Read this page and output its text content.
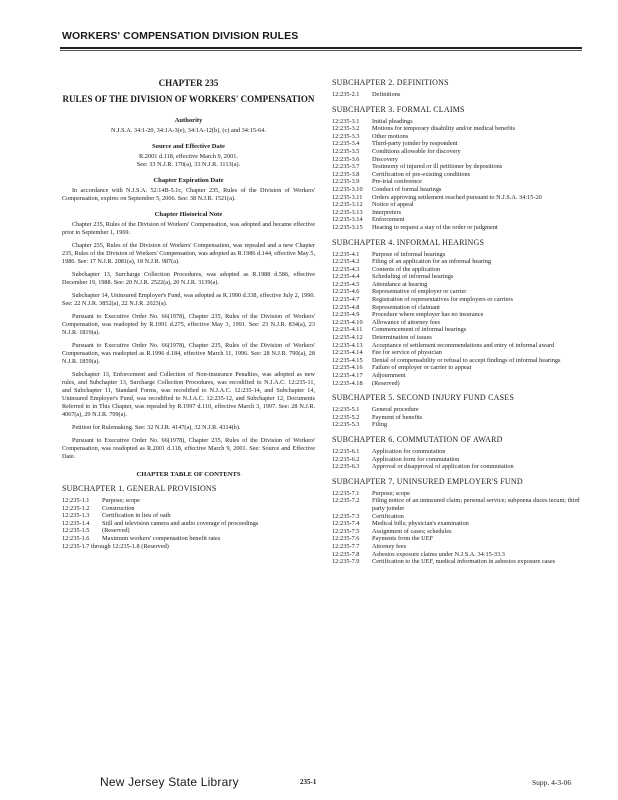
WORKERS' COMPENSATION DIVISION RULES
CHAPTER 235
RULES OF THE DIVISION OF WORKERS' COMPENSATION
Authority
N.J.S.A. 34:1-20, 34:1A-3(e), 34:1A-12(b), (c) and 34:15-64.
Source and Effective Date
R.2001 d.118, effective March 9, 2001.
See: 33 N.J.R. 170(a), 33 N.J.R. 1113(a).
Chapter Expiration Date

In accordance with N.J.S.A. 52:14B-5.1c, Chapter 235, Rules of the Division of Workers' Compensation, expires on September 5, 2006. See: 38 N.J.R. 1521(a).

Chapter Historical Note

Chapter 235, Rules of the Division of Workers' Compensation, was adopted and became effective prior to September 1, 1969.

Chapter 235, Rules of the Division of Workers' Compensation, was repealed and a new Chapter 235, Rules of the Division of Workers' Compensation, was adopted as R.1986 d.144, effective May 5, 1986. See: 17 N.J.R. 2081(a), 18 N.J.R. 987(a).

Subchapter 13, Surcharge Collection Procedures, was adopted as R.1988 d.586, effective December 19, 1988. See: 20 N.J.R. 2522(a), 20 N.J.R. 3139(a).

Subchapter 14, Uninsured Employer's Fund, was adopted as R.1990 d.338, effective July 2, 1990. See: 22 N.J.R. 3852(a), 22 N.J.R. 2023(a).

Pursuant to Executive Order No. 66(1978), Chapter 235, Rules of the Division of Workers' Compensation, was readopted by R.1991 d.275, effective May 3, 1991. See: 23 N.J.R. 834(a), 23 N.J.R. 1819(a).

Pursuant to Executive Order No. 66(1978), Chapter 235, Rules of the Division of Workers' Compensation, was readopted as R.1996 d.184, effective March 11, 1996. See: 28 N.J.R. 790(a), 28 N.J.R. 1859(a).

Subchapter 13, Enforcement and Collection of Non-insurance Penalties, was adopted as new rules, and Subchapter 13, Surcharge Collection Procedures, was recodified to N.J.A.C. 12:235-11, and Subchapter 11, Standard Forms, was recodified to N.J.A.C. 12:235-14, and Subchapter 14, Uninsured Employer's Fund, was recodified to N.J.A.C. 12:235-12, and Subchapter 12, Documents Referred to in This Chapter, was repealed by R.1997 d.110, effective March 3, 1997. See: 28 N.J.R. 4067(a), 29 N.J.R. 799(a).

Petition for Rulemaking. See: 32 N.J.R. 4147(a), 32 N.J.R. 4314(b).

Pursuant to Executive Order No. 66(1978), Chapter 235, Rules of the Division of Workers' Compensation, was readopted as R.2001 d.118, effective March 9, 2001. See: Source and Effective Date.

CHAPTER TABLE OF CONTENTS
SUBCHAPTER 1. GENERAL PROVISIONS
12:235-1.1	Purpose; scope
12:235-1.2	Construction
12:235-1.3	Certification in lieu of oath
12:235-1.4	Still and television camera and audio coverage of proceedings
12:235-1.5	(Reserved)
12:235-1.6	Maximum workers' compensation benefit rates
12:235-1.7 through 12:235-1.8 (Reserved)
SUBCHAPTER 2. DEFINITIONS
12:235-2.1	Definitions
SUBCHAPTER 3. FORMAL CLAIMS
12:235-3.1	Initial pleadings
12:235-3.2	Motions for temporary disability and/or medical benefits
12:235-3.3	Other motions
12:235-3.4	Third-party joinder by respondent
12:235-3.5	Conditions allowable for discovery
12:235-3.6	Discovery
12:235-3.7	Testimony of injured or ill petitioner by depositions
12:235-3.8	Certification of pre-existing conditions
12:235-3.9	Pre-trial conference
12:235-3.10	Conduct of formal hearings
12:235-3.11	Orders approving settlement reached pursuant to N.J.S.A. 34:15-20
12:235-3.12	Notice of appeal
12:235-3.13	Interpreters
12:235-3.14	Enforcement
12:235-3.15	Hearing to request a stay of the order or judgment
SUBCHAPTER 4. INFORMAL HEARINGS
12:235-4.1	Purpose of informal hearings
12:235-4.2	Filing of an application for an informal hearing
12:235-4.3	Contents of the application
12:235-4.4	Scheduling of informal hearings
12:235-4.5	Attendance at hearing
12:235-4.6	Representative of employer or carrier
12:235-4.7	Registration of representatives for employers or carriers
12:235-4.8	Representation of claimant
12:235-4.9	Procedure where employer has no insurance
12:235-4.10	Allowance of attorney fees
12:235-4.11	Commencement of informal hearings
12:235-4.12	Determination of issues
12:235-4.13	Acceptance of settlement recommendations and entry of informal award
12:235-4.14	Fee for service of physician
12:235-4.15	Denial of compensability or refusal to accept findings of informal hearings
12:235-4.16	Failure of employer or carrier to appear
12:235-4.17	Adjournment
12:235-4.18	(Reserved)
SUBCHAPTER 5. SECOND INJURY FUND CASES
12:235-5.1	General procedure
12:235-5.2	Payment of benefits
12:235-5.3	Filing
SUBCHAPTER 6. COMMUTATION OF AWARD
12:235-6.1	Application for commutation
12:235-6.2	Application form for commutation
12:235-6.3	Approval or disapproval of application for commutation
SUBCHAPTER 7. UNINSURED EMPLOYER'S FUND
12:235-7.1	Purpose; scope
12:235-7.2	Filing notice of an uninsured claim; personal service; subpoena duces tecum; third party joinder
12:235-7.3	Certification
12:235-7.4	Medical bills; physician's examination
12:235-7.5	Assignment of cases; schedules
12:235-7.6	Payments from the UEF
12:235-7.7	Attorney fees
12:235-7.8	Asbestos exposure claims under N.J.S.A. 34:15-33.3
12:235-7.9	Certification to the UEF, medical information in asbestos exposure cases
New Jersey State Library	235-1	Supp. 4-3-06
